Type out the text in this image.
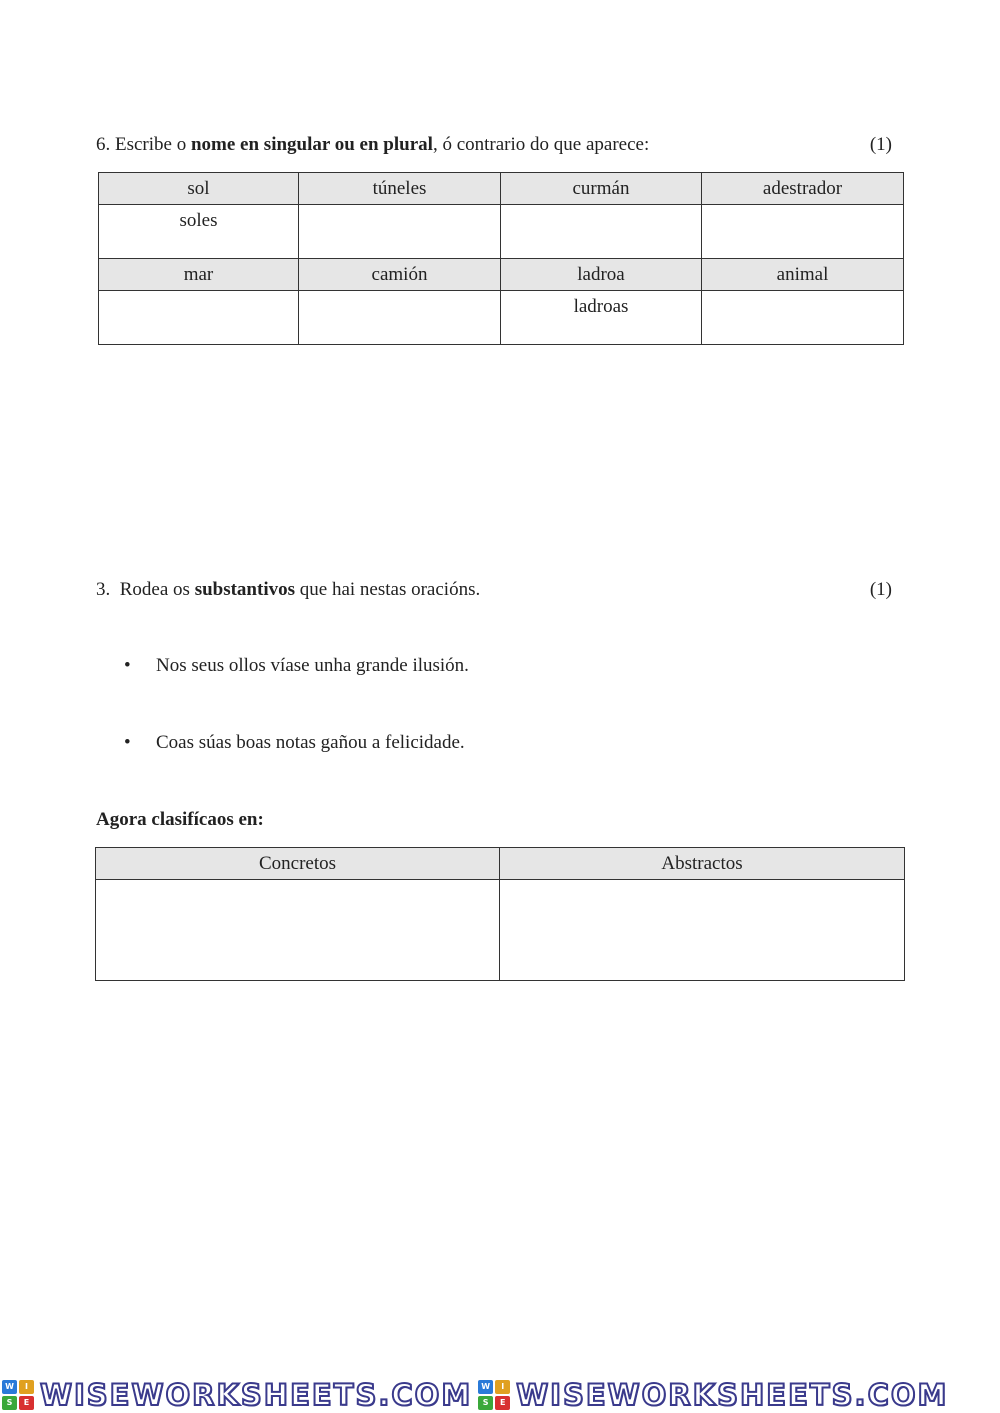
6. Escribe o nome en singular ou en plural, ó contrario do que aparece:	(1)
sol	túneles	curmán	adestrador
soles			
mar	camión	ladroa	animal
		ladroas	
3. Rodea os substantivos que hai nestas oracións.	(1)
• Nos seus ollos víase unha grande ilusión.
• Coas súas boas notas gañou a felicidade.
Agora clasifícaos en:
Concretos	Abstractos

W	I
S	E WISEWORKSHEETS.COM	W	I
S	E WISEWORKSHEETS.COM
